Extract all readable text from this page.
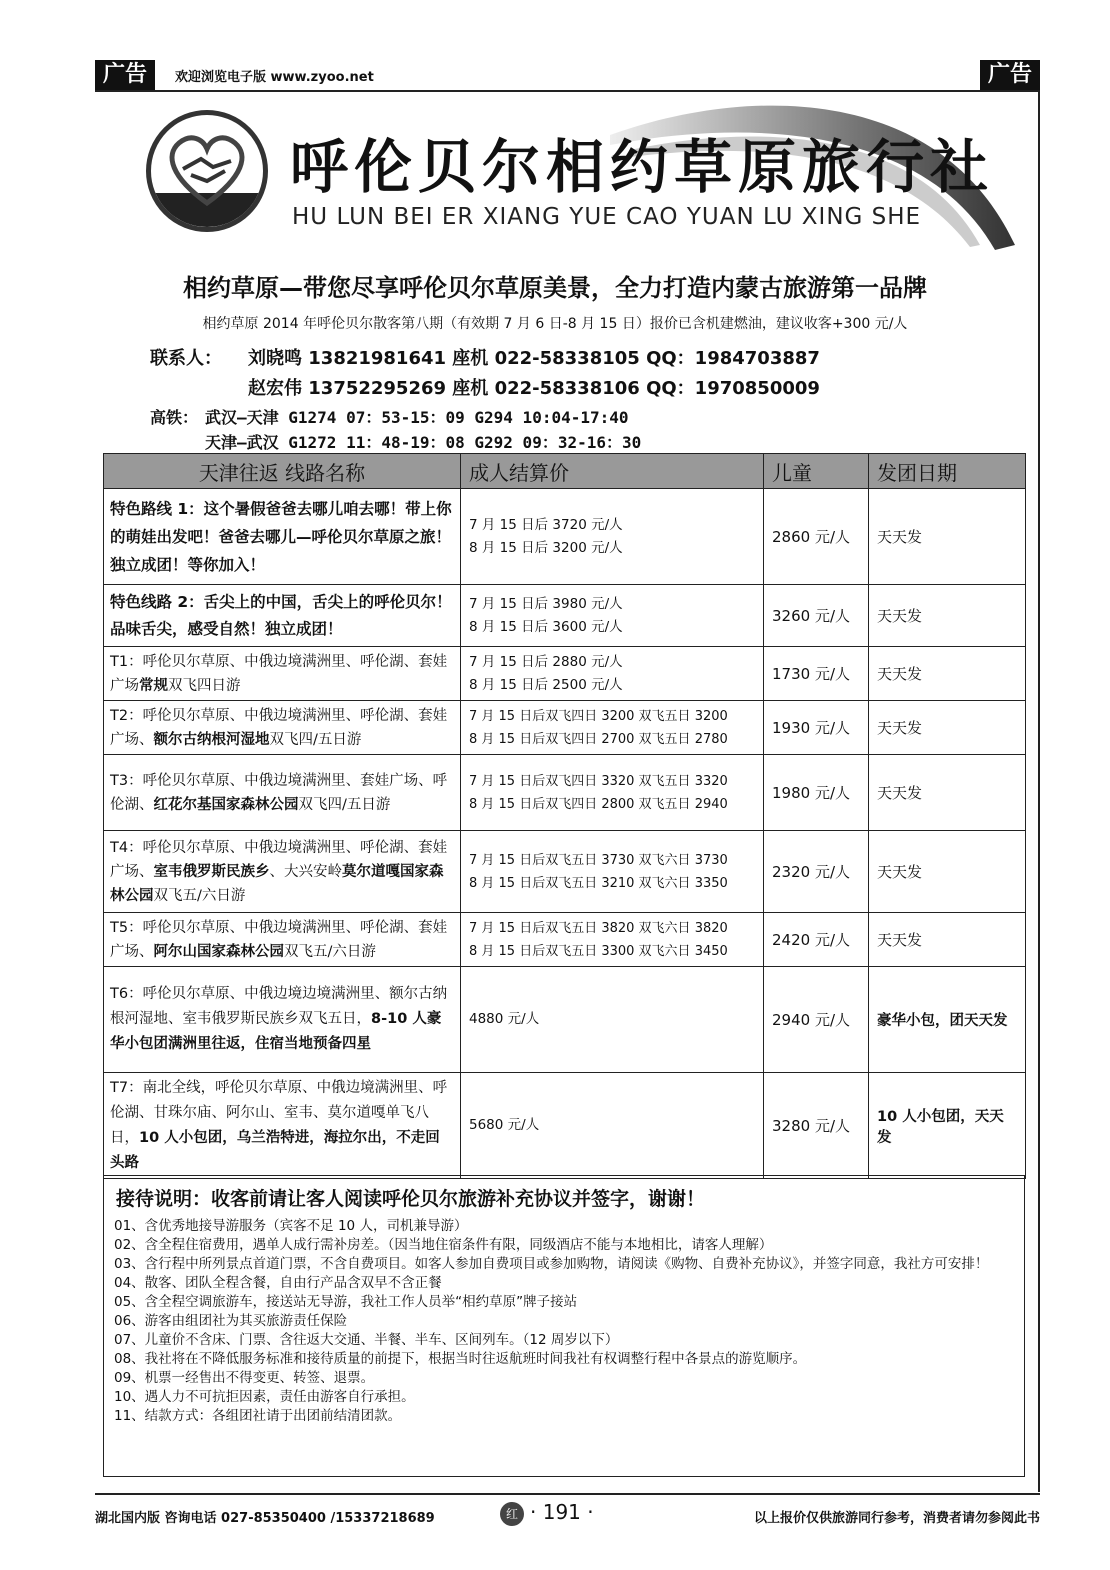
广告	欢迎浏览电子版 www.zyoo.net	广告
呼伦贝尔相约草原旅行社
HU LUN BEI ER XIANG YUE CAO YUAN LU XING SHE
相约草原—带您尽享呼伦贝尔草原美景，全力打造内蒙古旅游第一品牌
相约草原 2014 年呼伦贝尔散客第八期（有效期 7 月 6 日-8 月 15 日）报价已含机建燃油，建议收客+300 元/人
联系人： 刘晓鸣 13821981641 座机 022-58338105 QQ：1984703887
赵宏伟 13752295269 座机 022-58338106 QQ：1970850009
高铁： 武汉—天津 G1274 07：53-15：09 G294 10:04-17:40
天津—武汉 G1272 11：48-19：08 G292 09：32-16：30
天津往返 线路名称	成人结算价	儿童	发团日期
特色路线 1：这个暑假爸爸去哪儿咱去哪！带上你的萌娃出发吧！爸爸去哪儿—呼伦贝尔草原之旅！独立成团！等你加入！	7 月 15 日后 3720 元/人
8 月 15 日后 3200 元/人	2860 元/人	天天发
特色线路 2：舌尖上的中国，舌尖上的呼伦贝尔！品味舌尖，感受自然！独立成团！	7 月 15 日后 3980 元/人
8 月 15 日后 3600 元/人	3260 元/人	天天发
T1：呼伦贝尔草原、中俄边境满洲里、呼伦湖、套娃广场常规双飞四日游	7 月 15 日后 2880 元/人
8 月 15 日后 2500 元/人	1730 元/人	天天发
T2：呼伦贝尔草原、中俄边境满洲里、呼伦湖、套娃广场、额尔古纳根河湿地双飞四/五日游	7 月 15 日后双飞四日 3200 双飞五日 3200
8 月 15 日后双飞四日 2700 双飞五日 2780	1930 元/人	天天发
T3：呼伦贝尔草原、中俄边境满洲里、套娃广场、呼伦湖、红花尔基国家森林公园双飞四/五日游	7 月 15 日后双飞四日 3320 双飞五日 3320
8 月 15 日后双飞四日 2800 双飞五日 2940	1980 元/人	天天发
T4：呼伦贝尔草原、中俄边境满洲里、呼伦湖、套娃广场、室韦俄罗斯民族乡、大兴安岭莫尔道嘎国家森林公园双飞五/六日游	7 月 15 日后双飞五日 3730 双飞六日 3730
8 月 15 日后双飞五日 3210 双飞六日 3350	2320 元/人	天天发
T5：呼伦贝尔草原、中俄边境满洲里、呼伦湖、套娃广场、阿尔山国家森林公园双飞五/六日游	7 月 15 日后双飞五日 3820 双飞六日 3820
8 月 15 日后双飞五日 3300 双飞六日 3450	2420 元/人	天天发
T6：呼伦贝尔草原、中俄边境边境满洲里、额尔古纳根河湿地、室韦俄罗斯民族乡双飞五日，8-10 人豪华小包团满洲里往返，住宿当地预备四星	4880 元/人	2940 元/人	豪华小包，团天天发
T7：南北全线，呼伦贝尔草原、中俄边境满洲里、呼伦湖、甘珠尔庙、阿尔山、室韦、莫尔道嘎单飞八日，10 人小包团，乌兰浩特进，海拉尔出，不走回头路	5680 元/人	3280 元/人	10 人小包团，天天发
接待说明：收客前请让客人阅读呼伦贝尔旅游补充协议并签字，谢谢！
01、含优秀地接导游服务（宾客不足 10 人，司机兼导游）
02、含全程住宿费用，遇单人成行需补房差。（因当地住宿条件有限，同级酒店不能与本地相比，请客人理解）
03、含行程中所列景点首道门票，不含自费项目。如客人参加自费项目或参加购物，请阅读《购物、自费补充协议》，并签字同意，我社方可安排！
04、散客、团队全程含餐，自由行产品含双早不含正餐
05、含全程空调旅游车，接送站无导游，我社工作人员举“相约草原”牌子接站
06、游客由组团社为其买旅游责任保险
07、儿童价不含床、门票、含往返大交通、半餐、半车、区间列车。（12 周岁以下）
08、我社将在不降低服务标准和接待质量的前提下，根据当时往返航班时间我社有权调整行程中各景点的游览顺序。
09、机票一经售出不得变更、转签、退票。
10、遇人力不可抗拒因素，责任由游客自行承担。
11、结款方式：各组团社请于出团前结清团款。
湖北国内版 咨询电话 027-85350400 /15337218689	红 · 191 ·	以上报价仅供旅游同行参考，消费者请勿参阅此书
